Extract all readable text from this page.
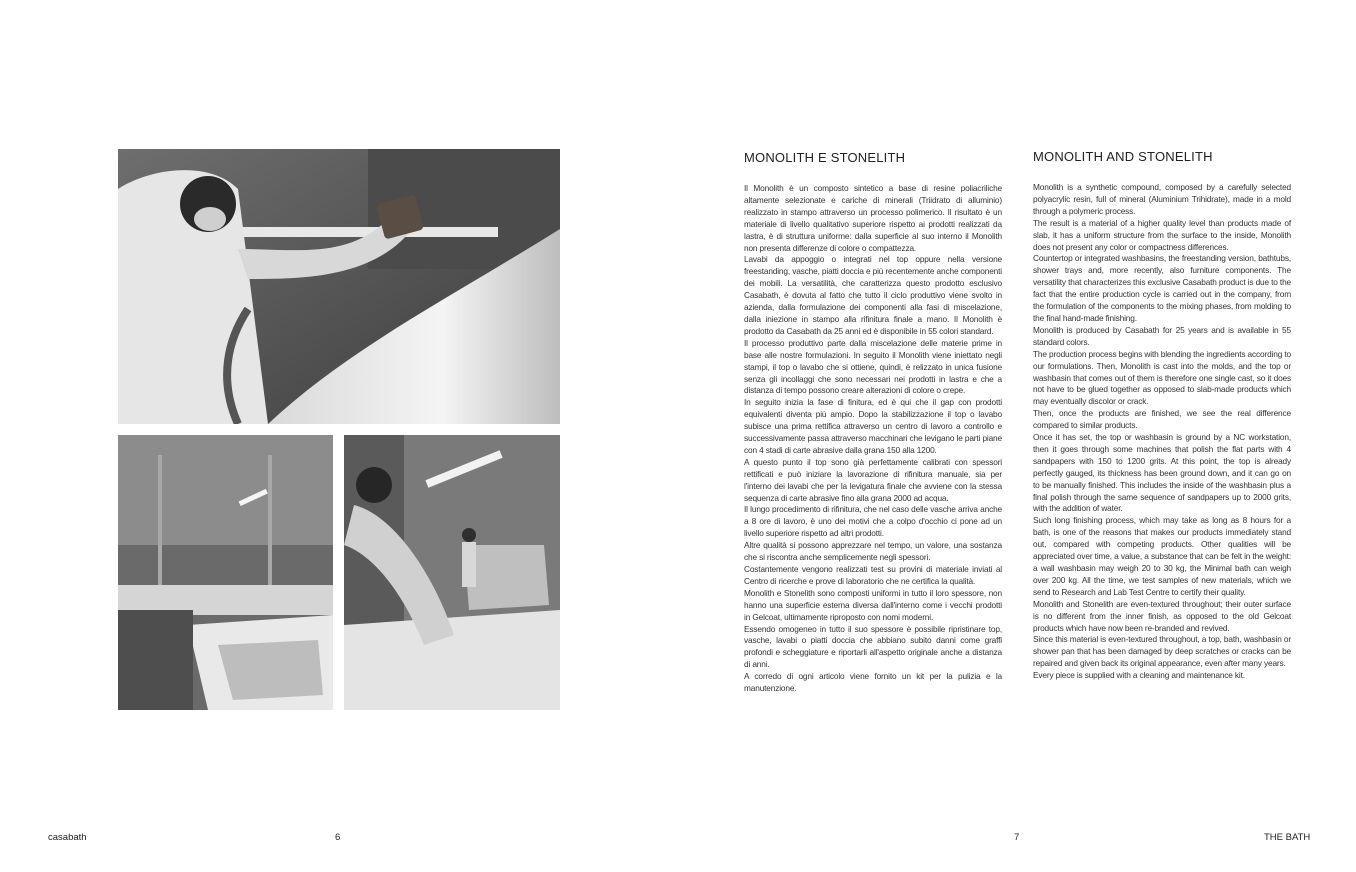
MONOLITH E STONELITH

Il Monolith è un composto sintetico a base di resine poliacriliche altamente selezionate e cariche di minerali (Triidrato di alluminio) realizzato in stampo attraverso un processo polimerico. Il risultato è un materiale di livello qualitativo superiore rispetto ai prodotti realizzati da lastra, è di struttura uniforme: dalla superficie al suo interno il Monolith non presenta differenze di colore o compattezza.

Lavabi da appoggio o integrati nel top oppure nella versione freestanding, vasche, piatti doccia e più recentemente anche componenti dei mobili. La versatilità, che caratterizza questo prodotto esclusivo Casabath, è dovuta al fatto che tutto il ciclo produttivo viene svolto in azienda, dalla formulazione dei componenti alla fasi di miscelazione, dalla iniezione in stampo alla rifinitura finale a mano. Il Monolith è prodotto da Casabath da 25 anni ed è disponibile in 55 colori standard.

Il processo produttivo parte dalla miscelazione delle materie prime in base alle nostre formulazioni. In seguito il Monolith viene iniettato negli stampi, il top o lavabo che si ottiene, quindi, è relizzato in unica fusione senza gli incollaggi che sono necessari nei prodotti in lastra e che a distanza di tempo possono creare alterazioni di colore o crepe.

In seguito inizia la fase di finitura, ed è qui che il gap con prodotti equivalenti diventa più ampio. Dopo la stabilizzazione il top o lavabo subisce una prima rettifica attraverso un centro di lavoro a controllo e successivamente passa attraverso macchinari che levigano le parti piane con 4 stadi di carte abrasive dalla grana 150 alla 1200.

A questo punto il top sono già perfettamente calibrati con spessori rettificati e può iniziare la lavorazione di rifinitura manuale, sia per l'interno dei lavabi che per la levigatura finale che avviene con la stessa sequenza di carte abrasive fino alla grana 2000 ad acqua.

Il lungo procedimento di rifinitura, che nel caso delle vasche arriva anche a 8 ore di lavoro, è uno dei motivi che a colpo d'occhio ci pone ad un livello superiore rispetto ad altri prodotti.

Altre qualità si possono apprezzare nel tempo, un valore, una sostanza che si riscontra anche semplicemente negli spessori.

Costantemente vengono realizzati test su provini di materiale inviati al Centro di ricerche e prove di laboratorio che ne certifica la qualità.

Monolith e Stonelith sono composti uniformi in tutto il loro spessore, non hanno una superficie esterna diversa dall'interno come i vecchi prodotti in Gelcoat, ultimamente riproposto con nomi moderni.

Essendo omogeneo in tutto il suo spessore è possibile ripristinare top, vasche, lavabi o piatti doccia che abbiano subito danni come graffi profondi e scheggiature e riportarli all'aspetto originale anche a distanza di anni.

A corredo di ogni articolo viene fornito un kit per la pulizia e la manutenzione.

MONOLITH AND STONELITH

Monolith is a synthetic compound, composed by a carefully selected polyacrylic resin, full of mineral (Aluminium Trihidrate), made in a mold through a polymeric process.

The result is a material of a higher quality level than products made of slab, it has a uniform structure from the surface to the inside, Monolith does not present any color or compactness differences.

Countertop or integrated washbasins, the freestanding version, bathtubs, shower trays and, more recently, also furniture components. The versatility that characterizes this exclusive Casabath product is due to the fact that the entire production cycle is carried out in the company, from the formulation of the components to the mixing phases, from molding to the final hand-made finishing.

Monolith is produced by Casabath for 25 years and is available in 55 standard colors.

The production process begins with blending the ingredients according to our formulations. Then, Monolith is cast into the molds, and the top or washbasin that comes out of them is therefore one single cast, so it does not have to be glued together as opposed to slab-made products which may eventually discolor or crack.

Then, once the products are finished, we see the real difference compared to similar products.

Once it has set, the top or washbasin is ground by a NC workstation, then it goes through some machines that polish the flat parts with 4 sandpapers with 150 to 1200 grits. At this point, the top is already perfectly gauged, its thickness has been ground down, and it can go on to be manually finished. This includes the inside of the washbasin plus a final polish through the same sequence of sandpapers up to 2000 grits, with the addition of water.

Such long finishing process, which may take as long as 8 hours for a bath, is one of the reasons that makes our products immediately stand out, compared with competing products. Other qualities will be appreciated over time, a value, a substance that can be felt in the weight: a wall washbasin may weigh 20 to 30 kg, the Minimal bath can weigh over 200 kg. All the time, we test samples of new materials, which we send to Research and Lab Test Centre to certify their quality.

Monolith and Stonelith are even-textured throughout; their outer surface is no different from the inner finish, as opposed to the old Gelcoat products which have now been re-branded and revived.

Since this material is even-textured throughout, a top, bath, washbasin or shower pan that has been damaged by deep scratches or cracks can be repaired and given back its original appearance, even after many years.

Every piece is supplied with a cleaning and maintenance kit.

casabath	6	7	THE BATH
